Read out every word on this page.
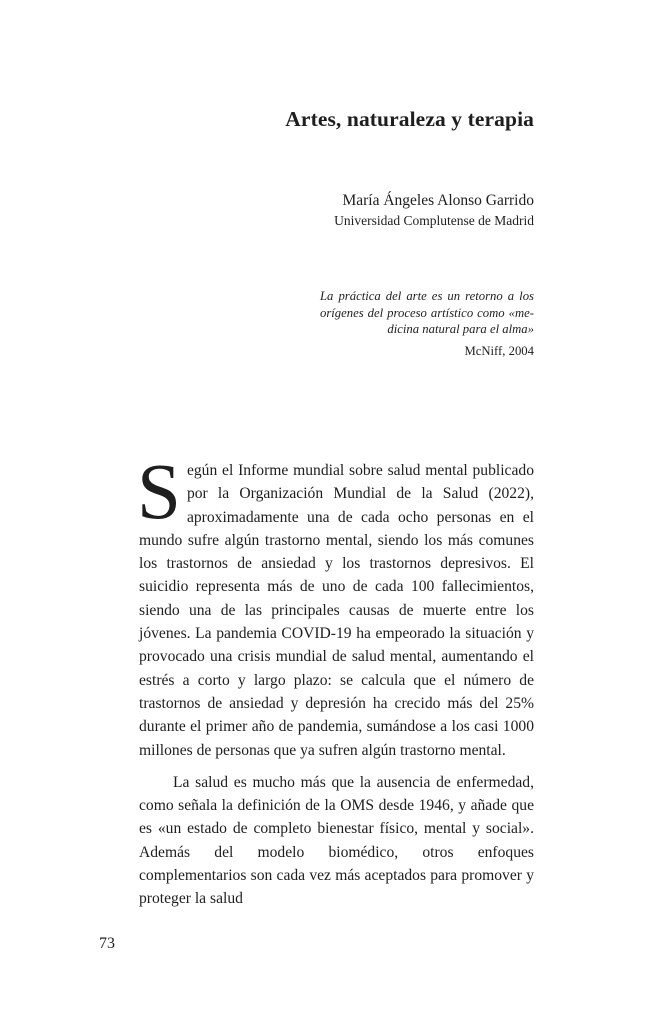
Artes, naturaleza y terapia
María Ángeles Alonso Garrido
Universidad Complutense de Madrid
La práctica del arte es un retorno a los orígenes del proceso artístico como «medicina natural para el alma»
McNiff, 2004

Según el Informe mundial sobre salud mental publicado por la Organización Mundial de la Salud (2022), aproximadamente una de cada ocho personas en el mundo sufre algún trastorno mental, siendo los más comunes los trastornos de ansiedad y los trastornos depresivos. El suicidio representa más de uno de cada 100 fallecimientos, siendo una de las principales causas de muerte entre los jóvenes. La pandemia COVID-19 ha empeorado la situación y provocado una crisis mundial de salud mental, aumentando el estrés a corto y largo plazo: se calcula que el número de trastornos de ansiedad y depresión ha crecido más del 25% durante el primer año de pandemia, sumándose a los casi 1000 millones de personas que ya sufren algún trastorno mental.

La salud es mucho más que la ausencia de enfermedad, como señala la definición de la OMS desde 1946, y añade que es «un estado de completo bienestar físico, mental y social». Además del modelo biomédico, otros enfoques complementarios son cada vez más aceptados para promover y proteger la salud

73
